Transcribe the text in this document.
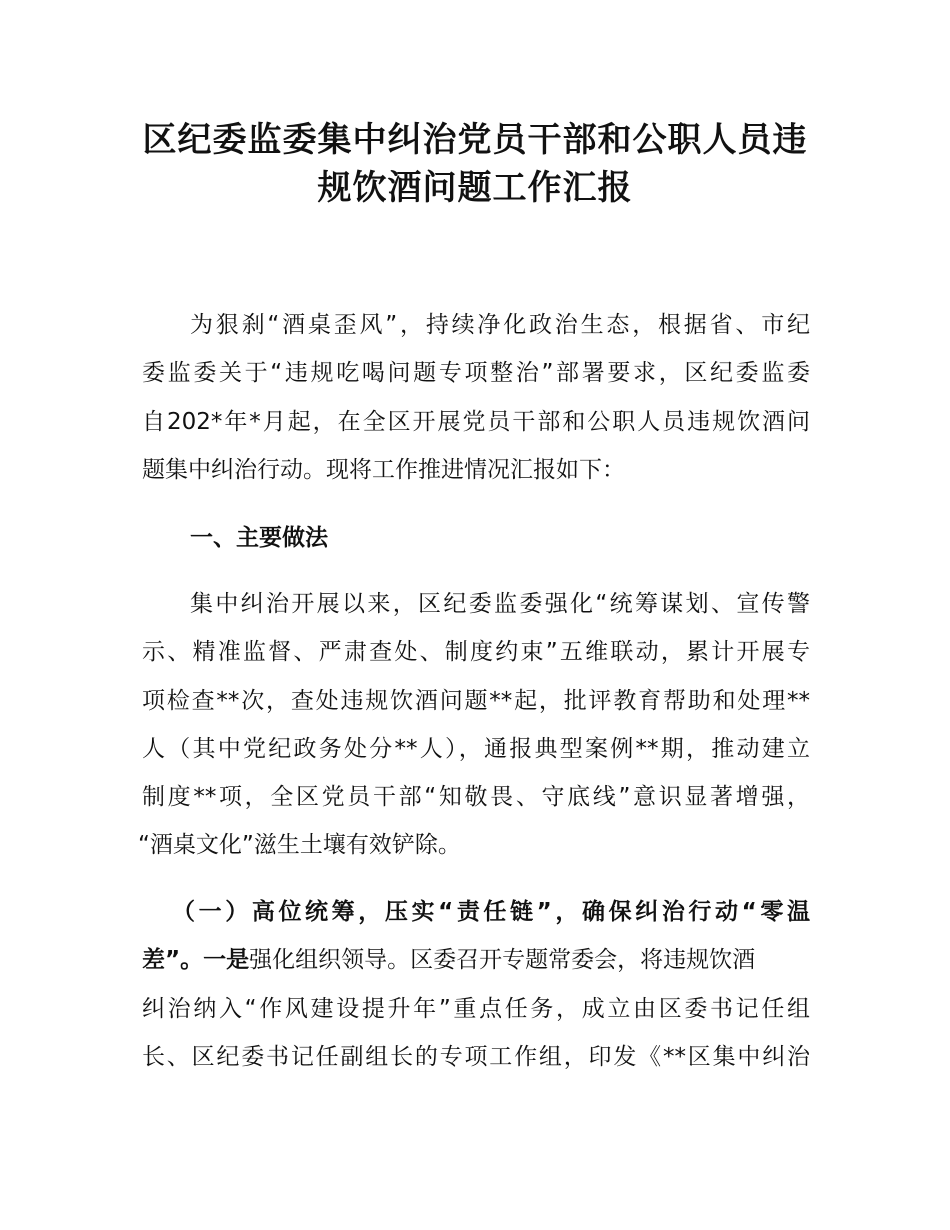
区纪委监委集中纠治党员干部和公职人员违
规饮酒问题工作汇报
为狠刹“酒桌歪风”，持续净化政治生态，根据省、市纪
委监委关于“违规吃喝问题专项整治”部署要求，区纪委监委
自202*年*月起，在全区开展党员干部和公职人员违规饮酒问
题集中纠治行动。现将工作推进情况汇报如下：
一、主要做法
集中纠治开展以来，区纪委监委强化“统筹谋划、宣传警
示、精准监督、严肃查处、制度约束”五维联动，累计开展专
项检查**次，查处违规饮酒问题**起，批评教育帮助和处理**
人（其中党纪政务处分**人），通报典型案例**期，推动建立
制度**项，全区党员干部“知敬畏、守底线”意识显著增强，
“酒桌文化”滋生土壤有效铲除。
（一）高位统筹，压实“责任链”，确保纠治行动“零温
差”。一是强化组织领导。区委召开专题常委会，将违规饮酒
纠治纳入“作风建设提升年”重点任务，成立由区委书记任组
长、区纪委书记任副组长的专项工作组，印发《**区集中纠治
